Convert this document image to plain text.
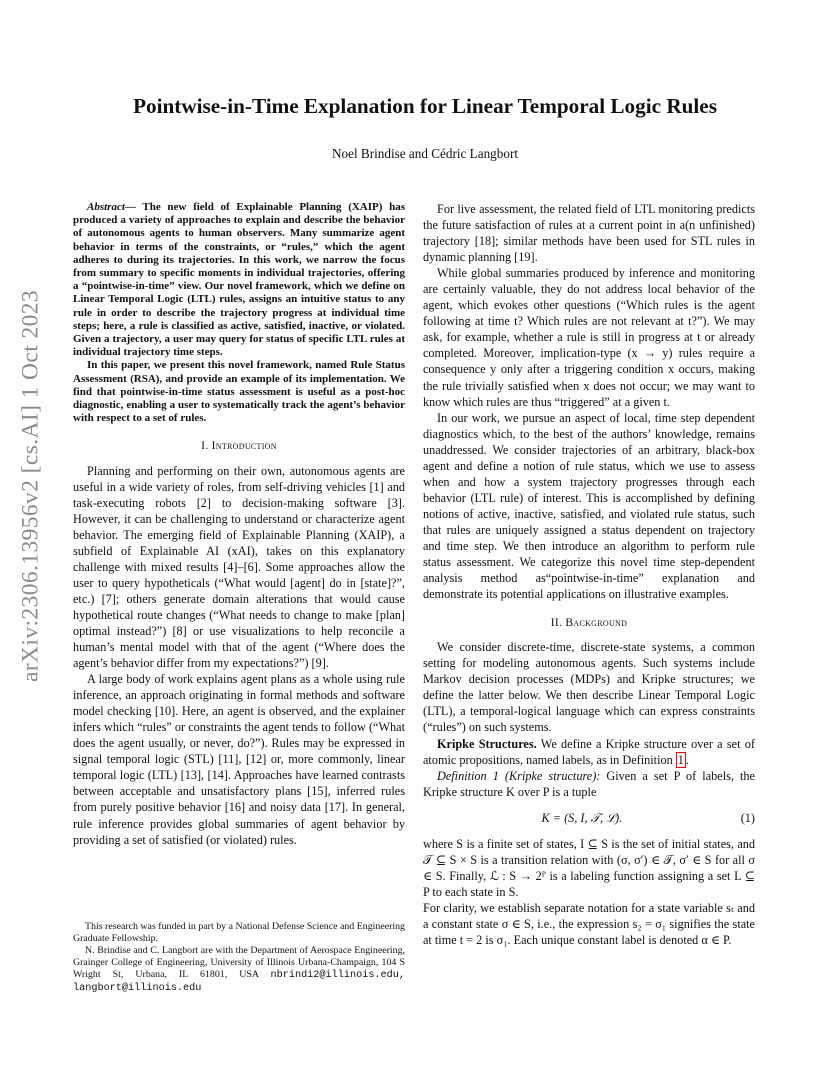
arXiv:2306.13956v2 [cs.AI] 1 Oct 2023
Pointwise-in-Time Explanation for Linear Temporal Logic Rules
Noel Brindise and Cédric Langbort

Abstract— The new field of Explainable Planning (XAIP) has produced a variety of approaches to explain and describe the behavior of autonomous agents to human observers. Many summarize agent behavior in terms of the constraints, or “rules,” which the agent adheres to during its trajectories. In this work, we narrow the focus from summary to specific moments in individual trajectories, offering a “pointwise-in-time” view. Our novel framework, which we define on Linear Temporal Logic (LTL) rules, assigns an intuitive status to any rule in order to describe the trajectory progress at individual time steps; here, a rule is classified as active, satisfied, inactive, or violated. Given a trajectory, a user may query for status of specific LTL rules at individual trajectory time steps.

In this paper, we present this novel framework, named Rule Status Assessment (RSA), and provide an example of its implementation. We find that pointwise-in-time status assessment is useful as a post-hoc diagnostic, enabling a user to systematically track the agent’s behavior with respect to a set of rules.

I. Introduction

Planning and performing on their own, autonomous agents are useful in a wide variety of roles, from self-driving vehicles [1] and task-executing robots [2] to decision-making software [3]. However, it can be challenging to understand or characterize agent behavior. The emerging field of Explainable Planning (XAIP), a subfield of Explainable AI (xAI), takes on this explanatory challenge with mixed results [4]–[6]. Some approaches allow the user to query hypotheticals (“What would [agent] do in [state]?”, etc.) [7]; others generate domain alterations that would cause hypothetical route changes (“What needs to change to make [plan] optimal instead?”) [8] or use visualizations to help reconcile a human’s mental model with that of the agent (“Where does the agent’s behavior differ from my expectations?”) [9].

A large body of work explains agent plans as a whole using rule inference, an approach originating in formal methods and software model checking [10]. Here, an agent is observed, and the explainer infers which “rules” or constraints the agent tends to follow (“What does the agent usually, or never, do?”). Rules may be expressed in signal temporal logic (STL) [11], [12] or, more commonly, linear temporal logic (LTL) [13], [14]. Approaches have learned contrasts between acceptable and unsatisfactory plans [15], inferred rules from purely positive behavior [16] and noisy data [17]. In general, rule inference provides global summaries of agent behavior by providing a set of satisfied (or violated) rules.

This research was funded in part by a National Defense Science and Engineering Graduate Fellowship.

N. Brindise and C. Langbort are with the Department of Aerospace Engineering, Grainger College of Engineering, University of Illinois Urbana-Champaign, 104 S Wright St, Urbana, IL 61801, USA nbrindi2@illinois.edu, langbort@illinois.edu

For live assessment, the related field of LTL monitoring predicts the future satisfaction of rules at a current point in a(n unfinished) trajectory [18]; similar methods have been used for STL rules in dynamic planning [19].

While global summaries produced by inference and monitoring are certainly valuable, they do not address local behavior of the agent, which evokes other questions (“Which rules is the agent following at time t? Which rules are not relevant at t?”). We may ask, for example, whether a rule is still in progress at t or already completed. Moreover, implication-type (x → y) rules require a consequence y only after a triggering condition x occurs, making the rule trivially satisfied when x does not occur; we may want to know which rules are thus “triggered” at a given t.

In our work, we pursue an aspect of local, time step dependent diagnostics which, to the best of the authors’ knowledge, remains unaddressed. We consider trajectories of an arbitrary, black-box agent and define a notion of rule status, which we use to assess when and how a system trajectory progresses through each behavior (LTL rule) of interest. This is accomplished by defining notions of active, inactive, satisfied, and violated rule status, such that rules are uniquely assigned a status dependent on trajectory and time step. We then introduce an algorithm to perform rule status assessment. We categorize this novel time step-dependent analysis method as“pointwise-in-time” explanation and demonstrate its potential applications on illustrative examples.

II. Background

We consider discrete-time, discrete-state systems, a common setting for modeling autonomous agents. Such systems include Markov decision processes (MDPs) and Kripke structures; we define the latter below. We then describe Linear Temporal Logic (LTL), a temporal-logical language which can express constraints (“rules”) on such systems.

Kripke Structures. We define a Kripke structure over a set of atomic propositions, named labels, as in Definition 1 .

Definition 1 (Kripke structure): Given a set P of labels, the Kripke structure K over P is a tuple

K = (S, I, 𝒯, ℒ).	(1)

where S is a finite set of states, I ⊆ S is the set of initial states, and 𝒯 ⊆ S × S is a transition relation with (σ, σ′) ∈ 𝒯, σ′ ∈ S for all σ ∈ S. Finally, ℒ : S → 2ᴾ is a labeling function assigning a set L ⊆ P to each state in S.

For clarity, we establish separate notation for a state variable sₜ and a constant state σ ∈ S, i.e., the expression s₂ = σ₁ signifies the state at time t = 2 is σ₁. Each unique constant label is denoted α ∈ P.
